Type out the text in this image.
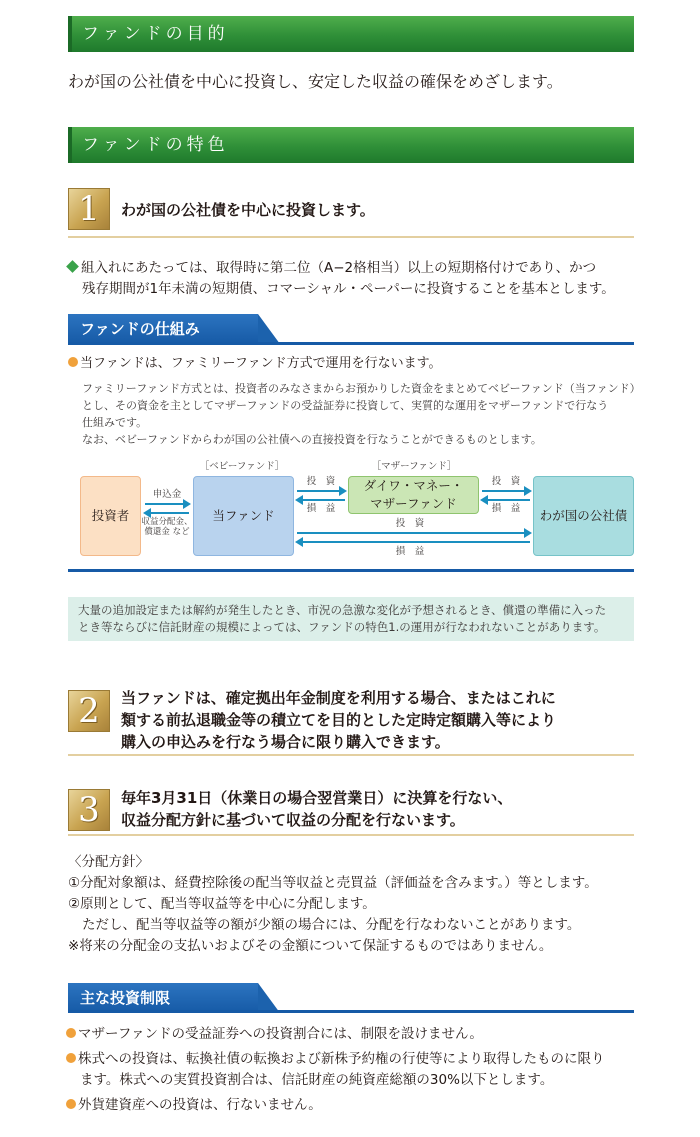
ファンドの目的
わが国の公社債を中心に投資し、安定した収益の確保をめざします。
ファンドの特色
1	わが国の公社債を中心に投資します。
組入れにあたっては、取得時に第二位（A−2格相当）以上の短期格付けであり、かつ
残存期間が1年未満の短期債、コマーシャル・ペーパーに投資することを基本とします。
ファンドの仕組み
当ファンドは、ファミリーファンド方式で運用を行ないます。
ファミリーファンド方式とは、投資者のみなさまからお預かりした資金をまとめてベビーファンド（当ファンド）
とし、その資金を主としてマザーファンドの受益証券に投資して、実質的な運用をマザーファンドで行なう
仕組みです。
なお、ベビーファンドからわが国の公社債への直接投資を行なうことができるものとします。
［ベビーファンド］	［マザーファンド］
投資者	当ファンド
ダイワ・マネー・
マザーファンド
わが国の公社債
申込金
収益分配金、
償還金 など
投　資
損　益
投　資
損　益
投　資
損　益
大量の追加設定または解約が発生したとき、市況の急激な変化が予想されるとき、償還の準備に入った
とき等ならびに信託財産の規模によっては、ファンドの特色1.の運用が行なわれないことがあります。
2	当ファンドは、確定拠出年金制度を利用する場合、またはこれに
類する前払退職金等の積立てを目的とした定時定額購入等により
購入の申込みを行なう場合に限り購入できます。
3	毎年3月31日（休業日の場合翌営業日）に決算を行ない、
収益分配方針に基づいて収益の分配を行ないます。
〈分配方針〉
①分配対象額は、経費控除後の配当等収益と売買益（評価益を含みます。）等とします。
②原則として、配当等収益等を中心に分配します。
ただし、配当等収益等の額が少額の場合には、分配を行なわないことがあります。
※将来の分配金の支払いおよびその金額について保証するものではありません。
主な投資制限
マザーファンドの受益証券への投資割合には、制限を設けません。
株式への投資は、転換社債の転換および新株予約権の行使等により取得したものに限り
ます。株式への実質投資割合は、信託財産の純資産総額の30%以下とします。
外貨建資産への投資は、行ないません。
